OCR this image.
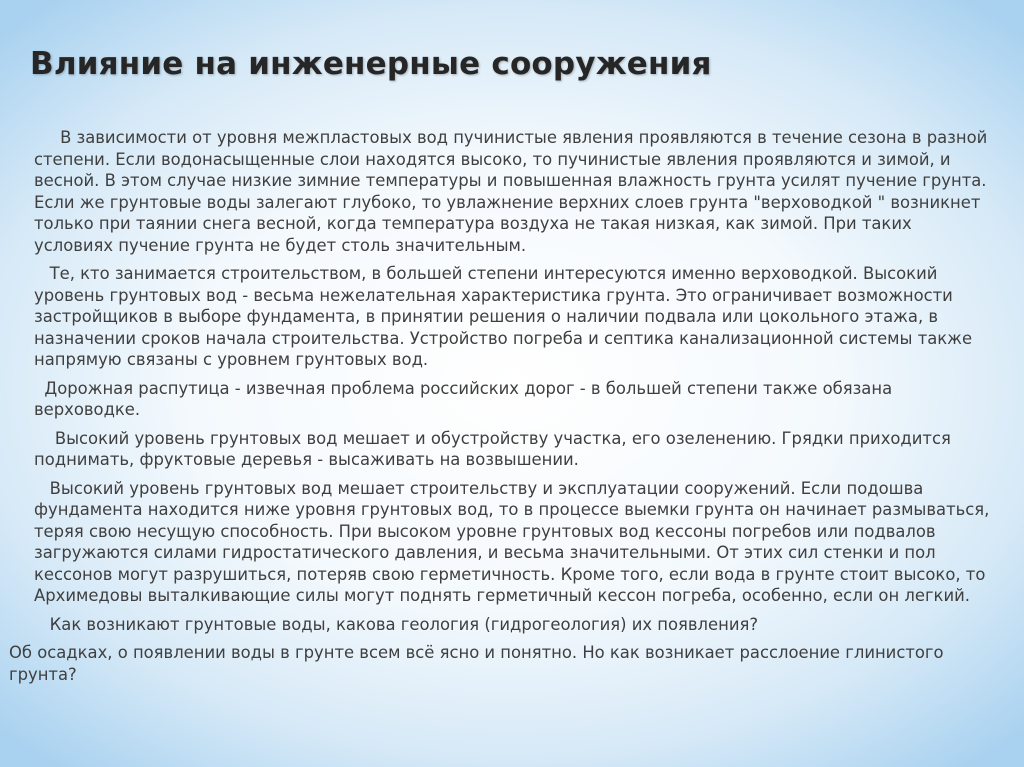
Влияние на инженерные сооружения

В зависимости от уровня межпластовых вод пучинистые явления проявляются в течение сезона в разной степени. Если водонасыщенные слои находятся высоко, то пучинистые явления проявляются и зимой, и весной. В этом случае низкие зимние температуры и повышенная влажность грунта усилят пучение грунта. Если же грунтовые воды залегают глубоко, то увлажнение верхних слоев грунта "верховодкой " возникнет только при таянии снега весной, когда температура воздуха не такая низкая, как зимой. При таких условиях пучение грунта не будет столь значительным.

Те, кто занимается строительством, в большей степени интересуются именно верховодкой. Высокий уровень грунтовых вод - весьма нежелательная характеристика грунта. Это ограничивает возможности застройщиков в выборе фундамента, в принятии решения о наличии подвала или цокольного этажа, в назначении сроков начала строительства. Устройство погреба и септика канализационной системы также напрямую связаны с уровнем грунтовых вод.

Дорожная распутица - извечная проблема российских дорог - в большей степени также обязана верховодке.

Высокий уровень грунтовых вод мешает и обустройству участка, его озеленению. Грядки приходится поднимать, фруктовые деревья - высаживать на возвышении.

Высокий уровень грунтовых вод мешает строительству и эксплуатации сооружений. Если подошва фундамента находится ниже уровня грунтовых вод, то в процессе выемки грунта он начинает размываться, теряя свою несущую способность. При высоком уровне грунтовых вод кессоны погребов или подвалов загружаются силами гидростатического давления, и весьма значительными. От этих сил стенки и пол кессонов могут разрушиться, потеряв свою герметичность. Кроме того, если вода в грунте стоит высоко, то Архимедовы выталкивающие силы могут поднять герметичный кессон погреба, особенно, если он легкий.

Как возникают грунтовые воды, какова геология (гидрогеология) их появления?

Об осадках, о появлении воды в грунте всем всё ясно и понятно. Но как возникает расслоение глинистого грунта?
